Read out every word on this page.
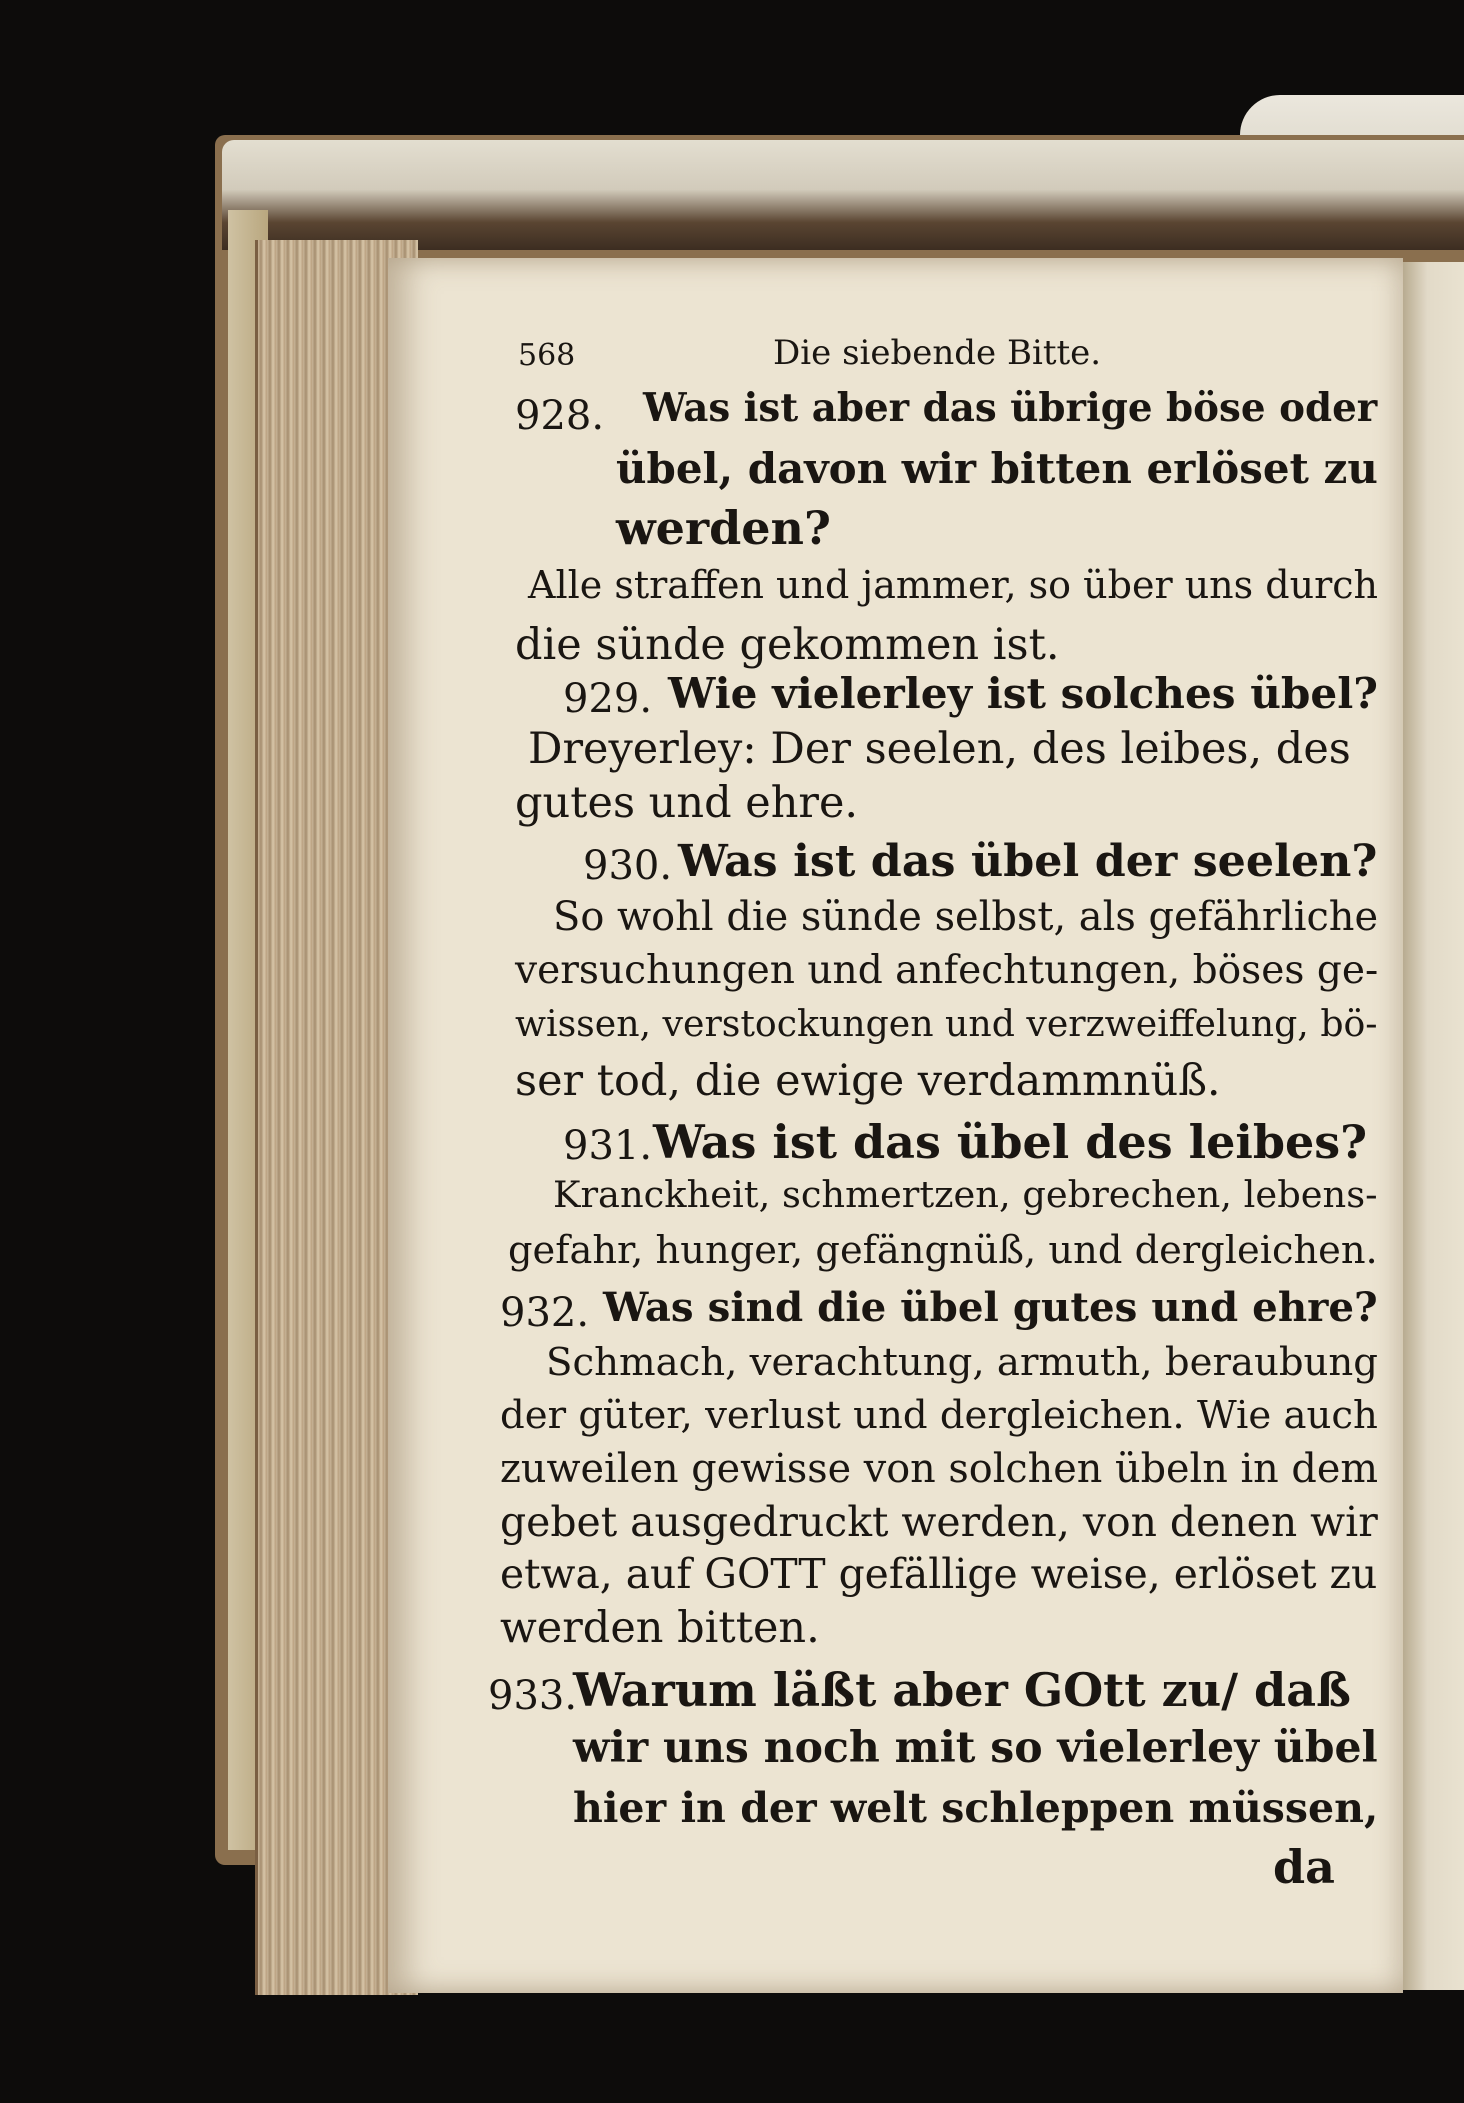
568	Die siebende Bitte.
928. Was ist aber das übrige böse oder
übel, davon wir bitten erlöset zu
werden?
Alle straffen und jammer, so über uns durch
die sünde gekommen ist.
929. Wie vielerley ist solches übel?
Dreyerley: Der seelen, des leibes, des
gutes und ehre.
930. Was ist das übel der seelen?
So wohl die sünde selbst, als gefährliche
versuchungen und anfechtungen, böses ge-
wissen, verstockungen und verzweiffelung, bö-
ser tod, die ewige verdammnüß.
931. Was ist das übel des leibes?
Kranckheit, schmertzen, gebrechen, lebens-
gefahr, hunger, gefängnüß, und dergleichen.
932. Was sind die übel gutes und ehre?
Schmach, verachtung, armuth, beraubung
der güter, verlust und dergleichen. Wie auch
zuweilen gewisse von solchen übeln in dem
gebet ausgedruckt werden, von denen wir
etwa, auf GOTT gefällige weise, erlöset zu
werden bitten.
933.
Warum läßt aber GOtt zu/ daß
wir uns noch mit so vielerley übel
hier in der welt schleppen müssen,
da
